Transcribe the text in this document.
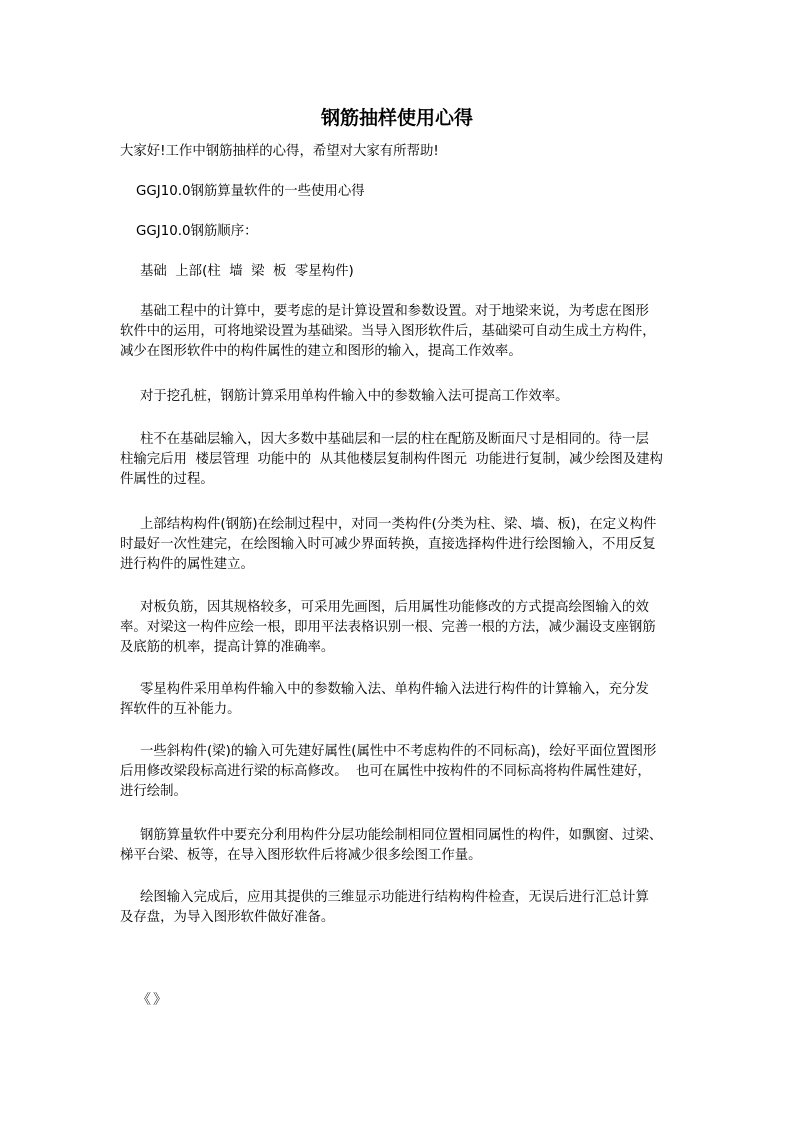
钢筋抽样使用心得

大家好!工作中钢筋抽样的心得，希望对大家有所帮助!

GGJ10.0钢筋算量软件的一些使用心得

GGJ10.0钢筋顺序：

基础  上部(柱  墙  梁  板  零星构件)

基础工程中的计算中，要考虑的是计算设置和参数设置。对于地梁来说，为考虑在图形
软件中的运用，可将地梁设置为基础梁。当导入图形软件后，基础梁可自动生成土方构件，
减少在图形软件中的构件属性的建立和图形的输入，提高工作效率。

对于挖孔桩，钢筋计算采用单构件输入中的参数输入法可提高工作效率。

柱不在基础层输入，因大多数中基础层和一层的柱在配筋及断面尺寸是相同的。待一层
柱输完后用  楼层管理  功能中的  从其他楼层复制构件图元  功能进行复制，减少绘图及建构
件属性的过程。

上部结构构件(钢筋)在绘制过程中，对同一类构件(分类为柱、梁、墙、板)，在定义构件
时最好一次性建完，在绘图输入时可减少界面转换，直接选择构件进行绘图输入，不用反复
进行构件的属性建立。

对板负筋，因其规格较多，可采用先画图，后用属性功能修改的方式提高绘图输入的效
率。对梁这一构件应绘一根，即用平法表格识别一根、完善一根的方法，减少漏设支座钢筋
及底筋的机率，提高计算的准确率。

零星构件采用单构件输入中的参数输入法、单构件输入法进行构件的计算输入，充分发
挥软件的互补能力。

一些斜构件(梁)的输入可先建好属性(属性中不考虑构件的不同标高)，绘好平面位置图形
后用修改梁段标高进行梁的标高修改。  也可在属性中按构件的不同标高将构件属性建好，
进行绘制。

钢筋算量软件中要充分利用构件分层功能绘制相同位置相同属性的构件，如飘窗、过梁、
梯平台梁、板等，在导入图形软件后将减少很多绘图工作量。

绘图输入完成后，应用其提供的三维显示功能进行结构构件检查，无误后进行汇总计算
及存盘，为导入图形软件做好准备。

《 》
